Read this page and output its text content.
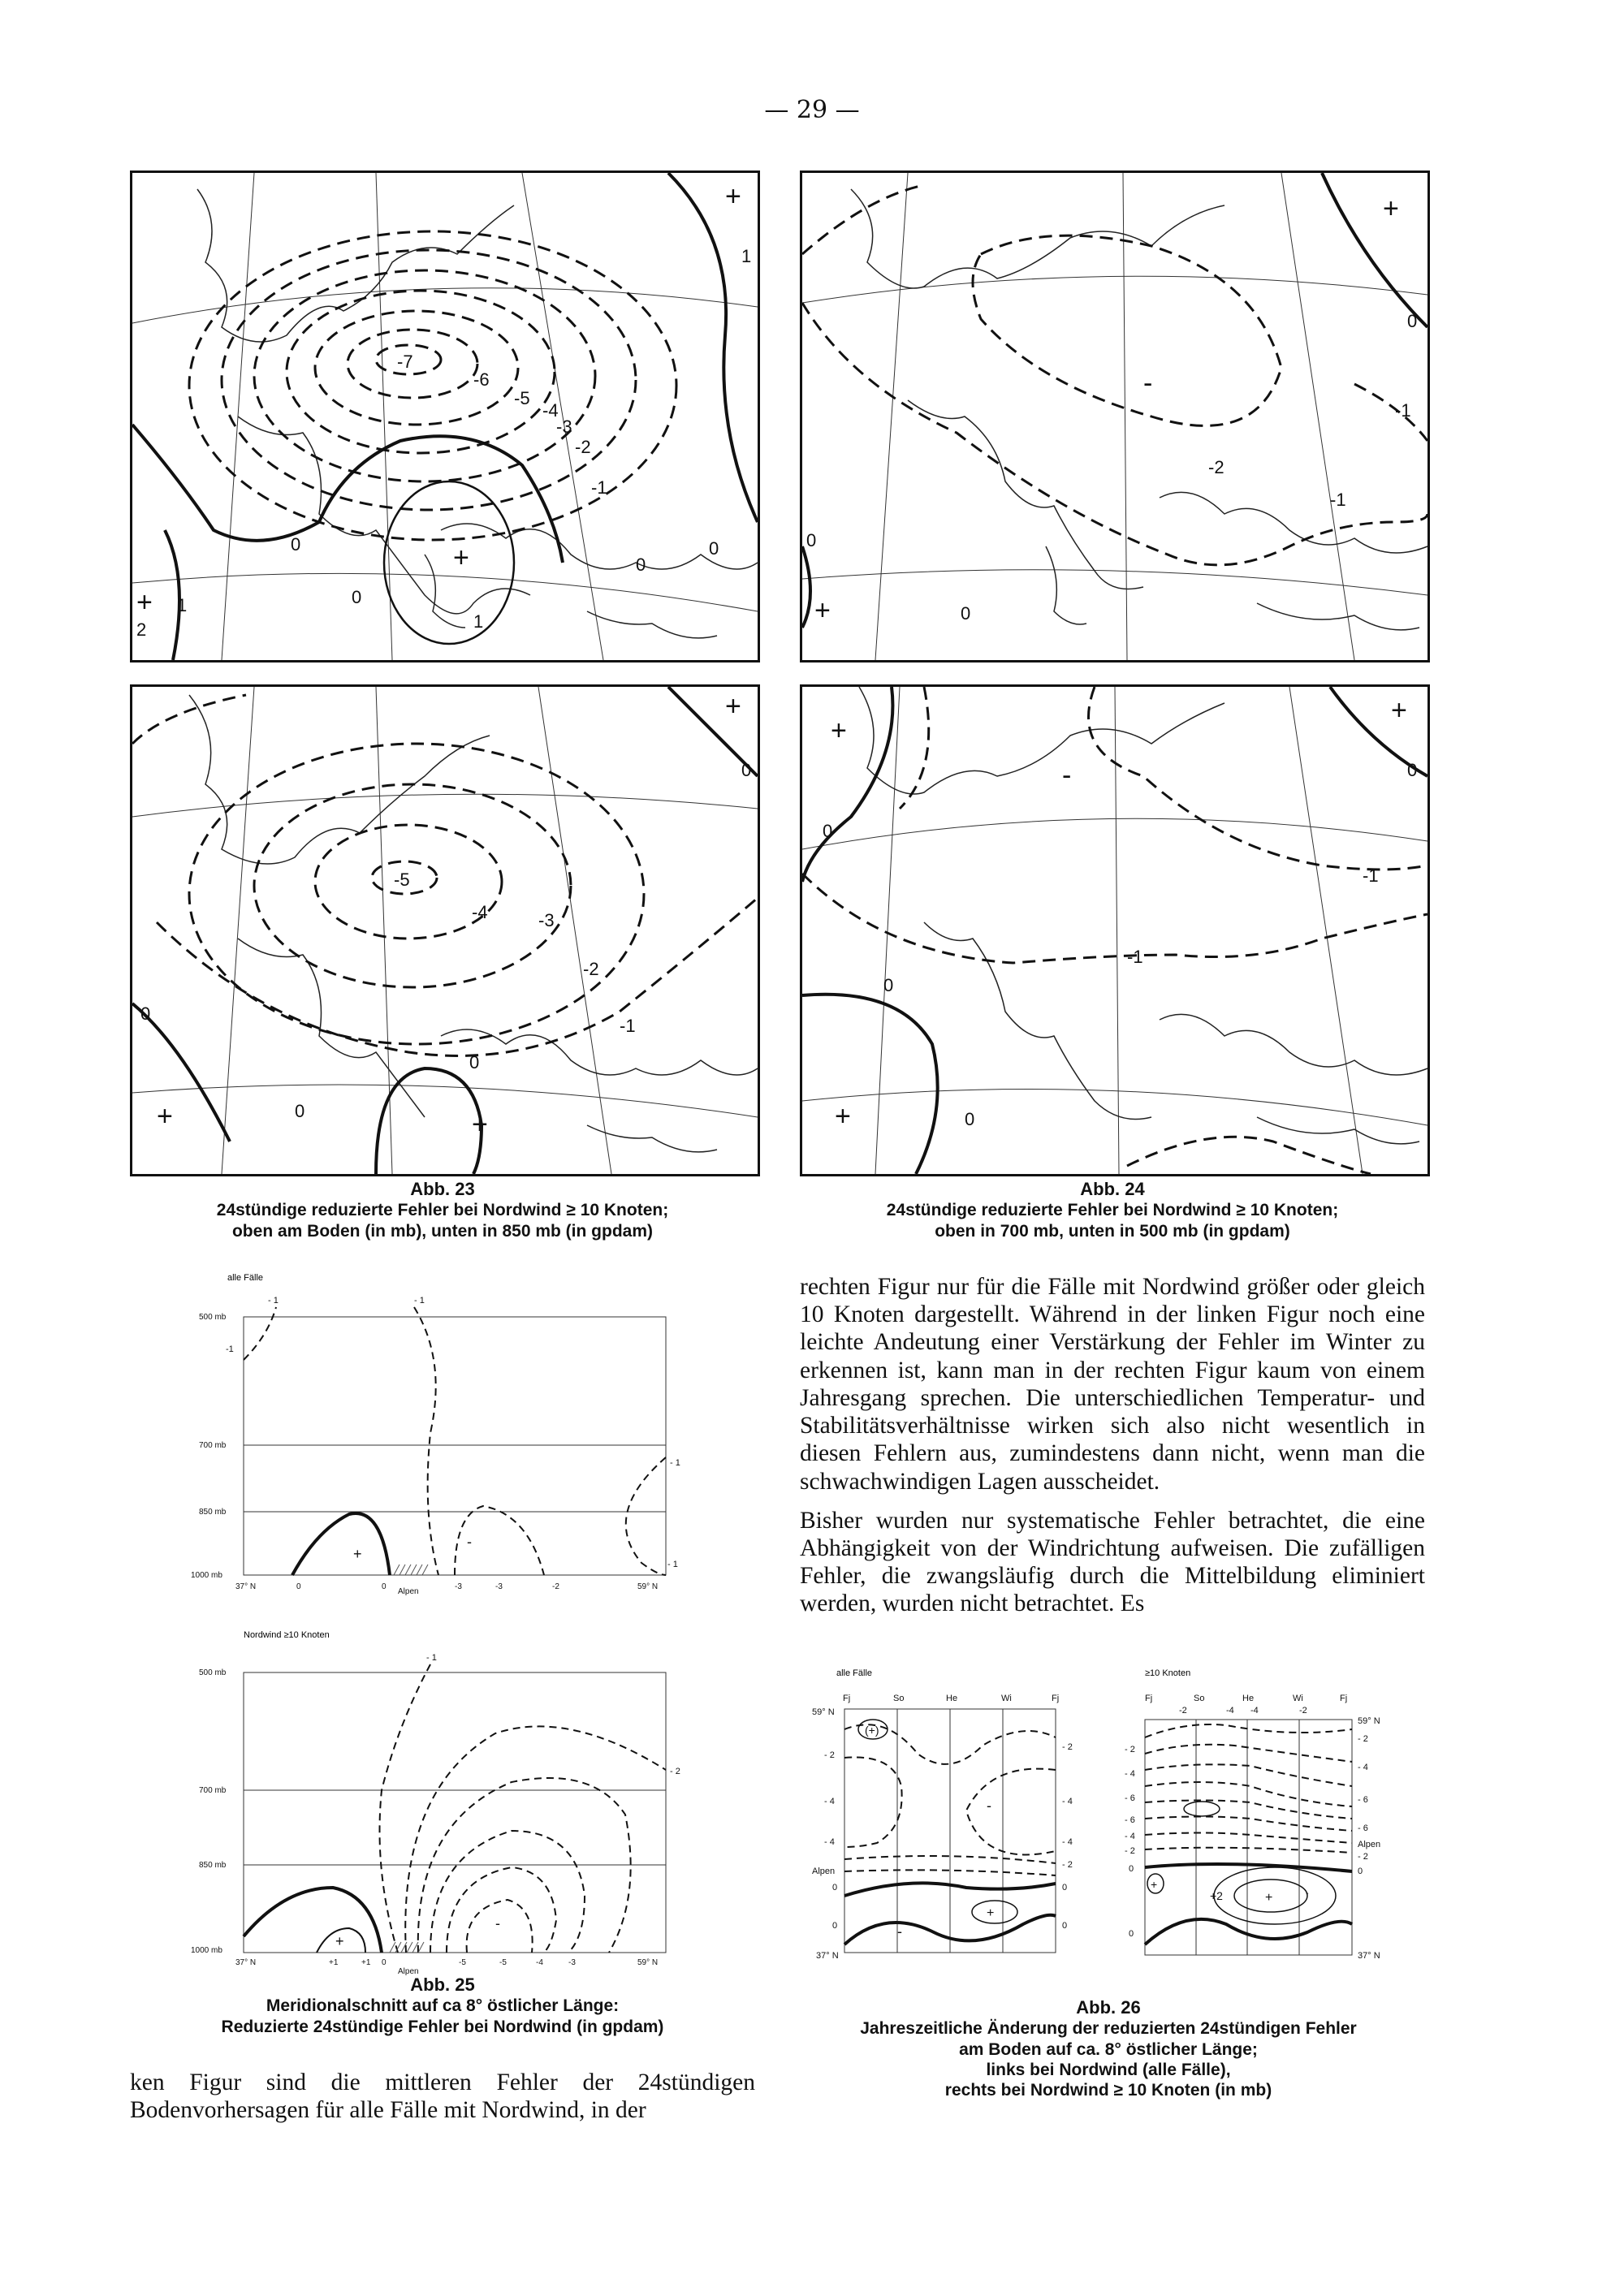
— 29 —
+
1
-7
-6
-5
-4
-3
-2
-1
0
+
1
0
+ 1
2
0
0
+
0
-1
-
-2
-1
0
+	0
+
0
-5
-4	-3
-2
-1
0
0
+	+
0
+
0
+
0
-
-1
-1
0
+	0
Abb. 23
24stündige reduzierte Fehler bei Nordwind ≥ 10 Knoten;
oben am Boden (in mb), unten in 850 mb (in gpdam)
Abb. 24
24stündige reduzierte Fehler bei Nordwind ≥ 10 Knoten;
oben in 700 mb, unten in 500 mb (in gpdam)
alle Fälle
500 mb
700 mb
850 mb
1000 mb
- 1	- 1
-1
- 1
+
-
- 1
37° N	0	0	-3	-3	-2	59° N
Alpen
Nordwind ≥10 Knoten
500 mb
700 mb
850 mb
1000 mb
- 1
- 2
+
-
37° N	+1	+1 0	-5	-5	-4	-3	59° N
Alpen
Abb. 25
Meridionalschnitt auf ca 8° östlicher Länge:
Reduzierte 24stündige Fehler bei Nordwind (in gpdam)

ken Figur sind die mittleren Fehler der 24stündigen Bodenvorhersagen für alle Fälle mit Nordwind, in der

rechten Figur nur für die Fälle mit Nordwind größer oder gleich 10 Knoten dargestellt. Während in der linken Figur noch eine leichte Andeutung einer Verstärkung der Fehler im Winter zu erkennen ist, kann man in der rechten Figur kaum von einem Jahresgang sprechen. Die unterschiedlichen Temperatur- und Stabilitätsverhältnisse wirken sich also nicht wesentlich in diesen Fehlern aus, zumindestens dann nicht, wenn man die schwachwindigen Lagen ausscheidet.

Bisher wurden nur systematische Fehler betrachtet, die eine Abhängigkeit von der Windrichtung aufweisen. Die zufälligen Fehler, die zwangsläufig durch die Mittelbildung eliminiert werden, wurden nicht betrachtet. Es

alle Fälle
Fj	So	He	Wi	Fj
59° N
- 2
- 4
- 4
Alpen
0
0
37° N
- 2
- 4
- 4
- 2
0
0
(+)
-
+
-
≥10 Knoten
Fj	So	He	Wi	Fj
-2	-4 -4	-2
- 2
- 4
- 6
- 6
- 4
- 2
0
0
59° N
- 2
- 4
- 6
- 6
Alpen
- 2
0
37° N
+
+
+2	-
Abb. 26
Jahreszeitliche Änderung der reduzierten 24stündigen Fehler
am Boden auf ca. 8° östlicher Länge;
links bei Nordwind (alle Fälle),
rechts bei Nordwind ≥ 10 Knoten (in mb)
